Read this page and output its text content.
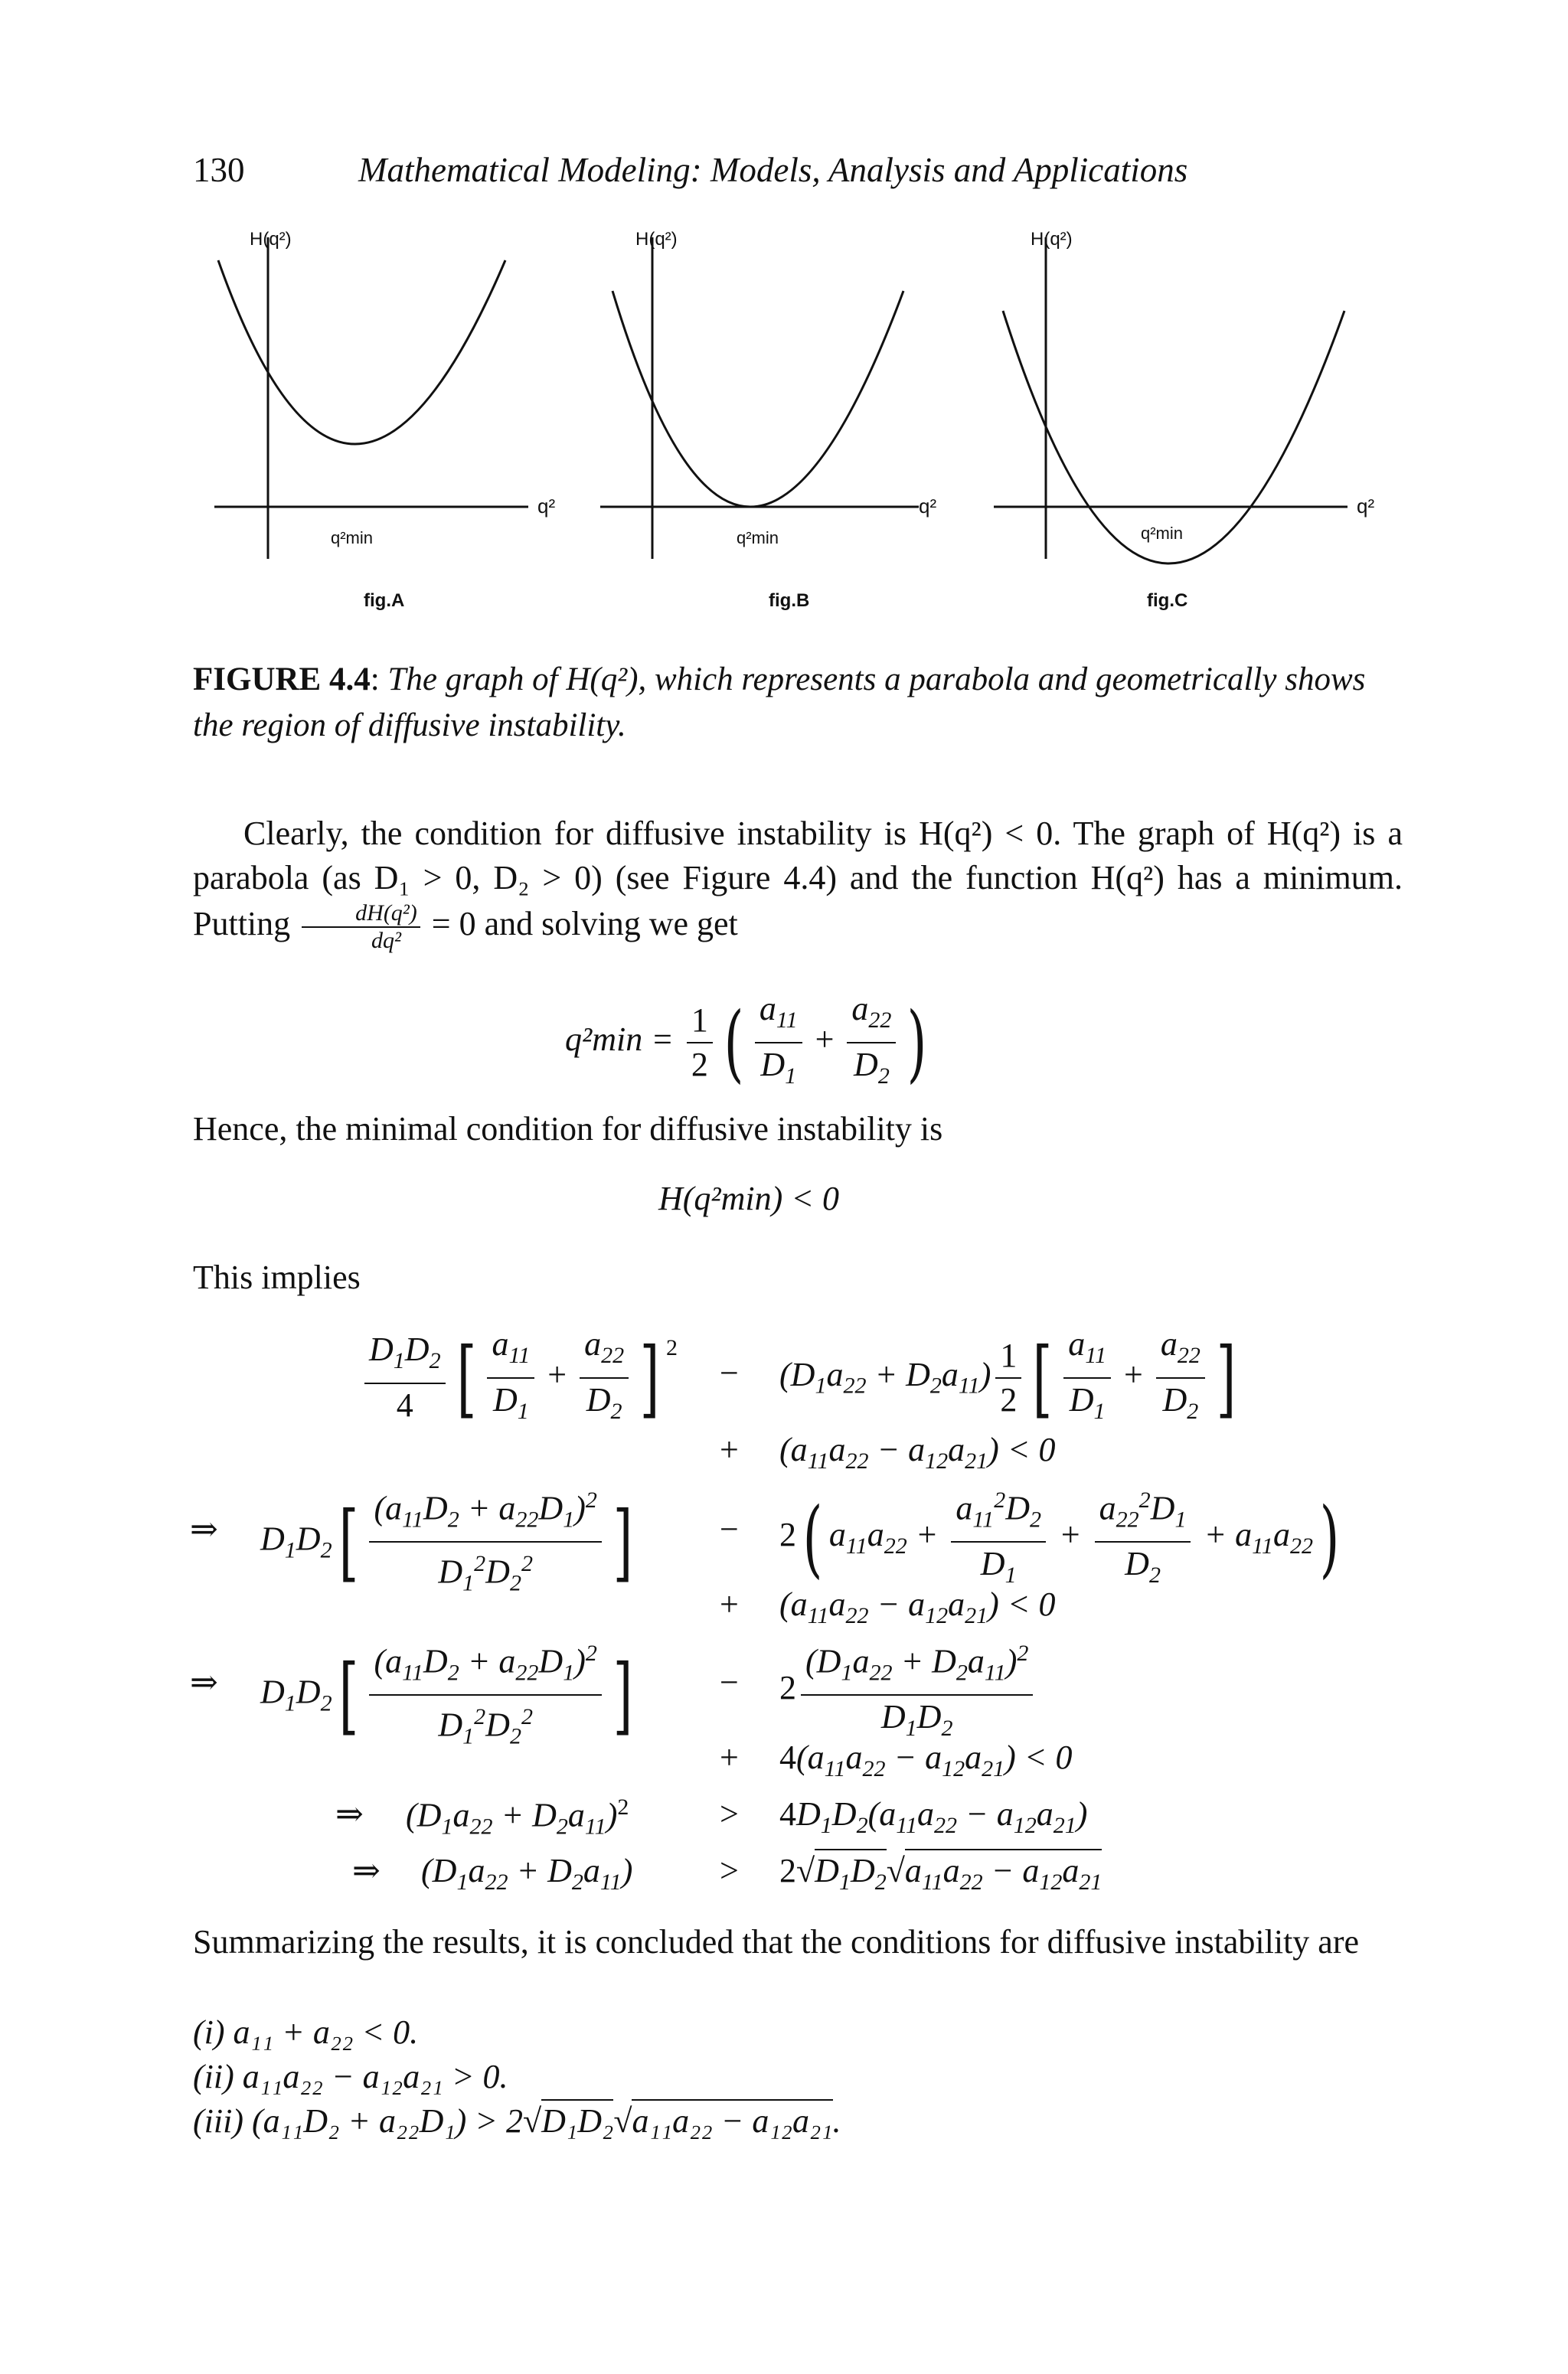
130	Mathematical Modeling: Models, Analysis and Applications
H(q²)
q²
q²min
fig.A
H(q²)
q²
q²min
fig.B
H(q²)
q²
q²min
fig.C
FIGURE 4.4: The graph of H(q²), which represents a parabola and geometrically shows the region of diffusive instability.
Clearly, the condition for diffusive instability is H(q²) < 0. The graph of H(q²) is a parabola (as D₁ > 0, D₂ > 0) (see Figure 4.4) and the function H(q²) has a minimum. Putting $\frac{\text{dH(q²)}}{\text{dq²}} = 0$ and solving we get
$q^2\min = \frac{1}{2}$ ( $\frac{a_{11}}{D_1} + \frac{a_{22}}{D_2}$ )
Hence, the minimal condition for diffusive instability is
H(q²min) < 0
This implies
$\frac{D_1D_2}{4}$ [ $\frac{a_{11}}{D_1} + \frac{a_{22}}{D_2}$ ] $^2$
− $(D_1a_{22} + D_2a_{11}) \frac{1}{2}$ [ $\frac{a_{11}}{D_1} + \frac{a_{22}}{D_2}$ ]
+ $(a_{11}a_{22} - a_{12}a_{21}) < 0$
⇒ $D_1D_2[ \frac{(a_{11}D_2 + a_{22}D_1)^2}{D_1^2D_2^2}$ ]	− 2( $a_{11}a_{22} + \frac{a_{11}^2D_2}{D_1} + \frac{a_{22}^2D_1}{D_2} + a_{11}a_{22}$)
+ $(a_{11}a_{22} - a_{12}a_{21}) < 0$
⇒ $D_1D_2[ \frac{(a_{11}D_2 + a_{22}D_1)^2}{D_1^2D_2^2}$ ]	− $2 \frac{(D_1a_{22} + D_2a_{11})^2}{D_1D_2}$
+ $4(a_{11}a_{22} - a_{12}a_{21}) < 0$
⇒ $(D_1a_{22} + D_2a_{11})^2$	> $4D_1D_2(a_{11}a_{22} - a_{12}a_{21})$
⇒ $(D_1a_{22} + D_2a_{11})$	> $2√D_1D_2√a_{11}a_{22} - a_{12}a_{21}$
Summarizing the results, it is concluded that the conditions for diffusive instability are
(i) a₁₁ + a₂₂ < 0.
(ii) a₁₁a₂₂ − a₁₂a₂₁ > 0.
(iii) (a₁₁D₂ + a₂₂D₁) > 2√D₁D₂√a₁₁a₂₂ − a₁₂a₂₁.
